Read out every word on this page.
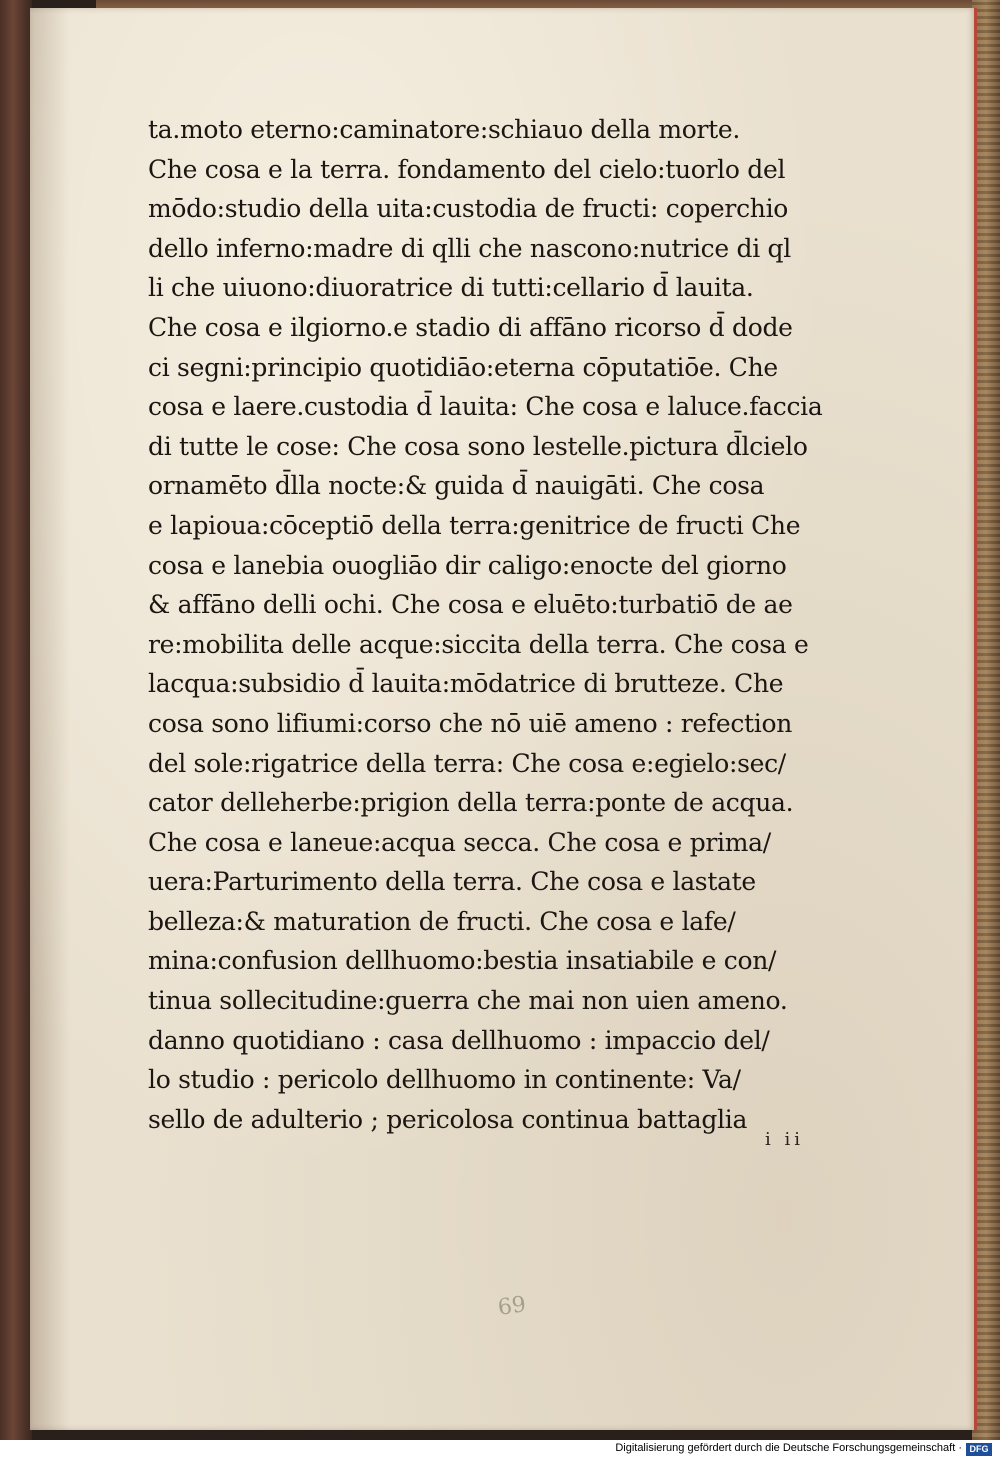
ta.moto eterno:caminatore:schiauo della morte.
Che cosa e la terra. fondamento del cielo:tuorlo del
mōdo:studio della uita:custodia de fructi: coperchio
dello inferno:madre di qlli che nascono:nutrice di ql
li che uiuono:diuoratrice di tutti:cellario d̄ lauita.
Che cosa e ilgiorno.e stadio di affāno ricorso d̄ dode
ci segni:principio quotidiāo:eterna cōputatiōe. Che
cosa e laere.custodia d̄ lauita: Che cosa e laluce.faccia
di tutte le cose: Che cosa sono lestelle.pictura d̄lcielo
ornamēto d̄lla nocte:& guida d̄ nauigāti. Che cosa
e lapioua:cōceptiō della terra:genitrice de fructi Che
cosa e lanebia ouogliāo dir caligo:enocte del giorno
& affāno delli ochi. Che cosa e eluēto:turbatiō de ae
re:mobilita delle acque:siccita della terra. Che cosa e
lacqua:subsidio d̄ lauita:mōdatrice di brutteze. Che
cosa sono lifiumi:corso che nō uiē ameno : refection
del sole:rigatrice della terra: Che cosa e:egielo:sec/
cator delleherbe:prigion della terra:ponte de acqua.
Che cosa e laneue:acqua secca. Che cosa e prima/
uera:Parturimento della terra. Che cosa e lastate
belleza:& maturation de fructi. Che cosa e lafe/
mina:confusion dellhuomo:bestia insatiabile e con/
tinua sollecitudine:guerra che mai non uien ameno.
danno quotidiano : casa dellhuomo : impaccio del/
lo studio : pericolo dellhuomo in continente: Va/
sello de adulterio ; pericolosa continua battaglia
i ii
69
Digitalisierung gefördert durch die Deutsche Forschungsgemeinschaft · DFG
